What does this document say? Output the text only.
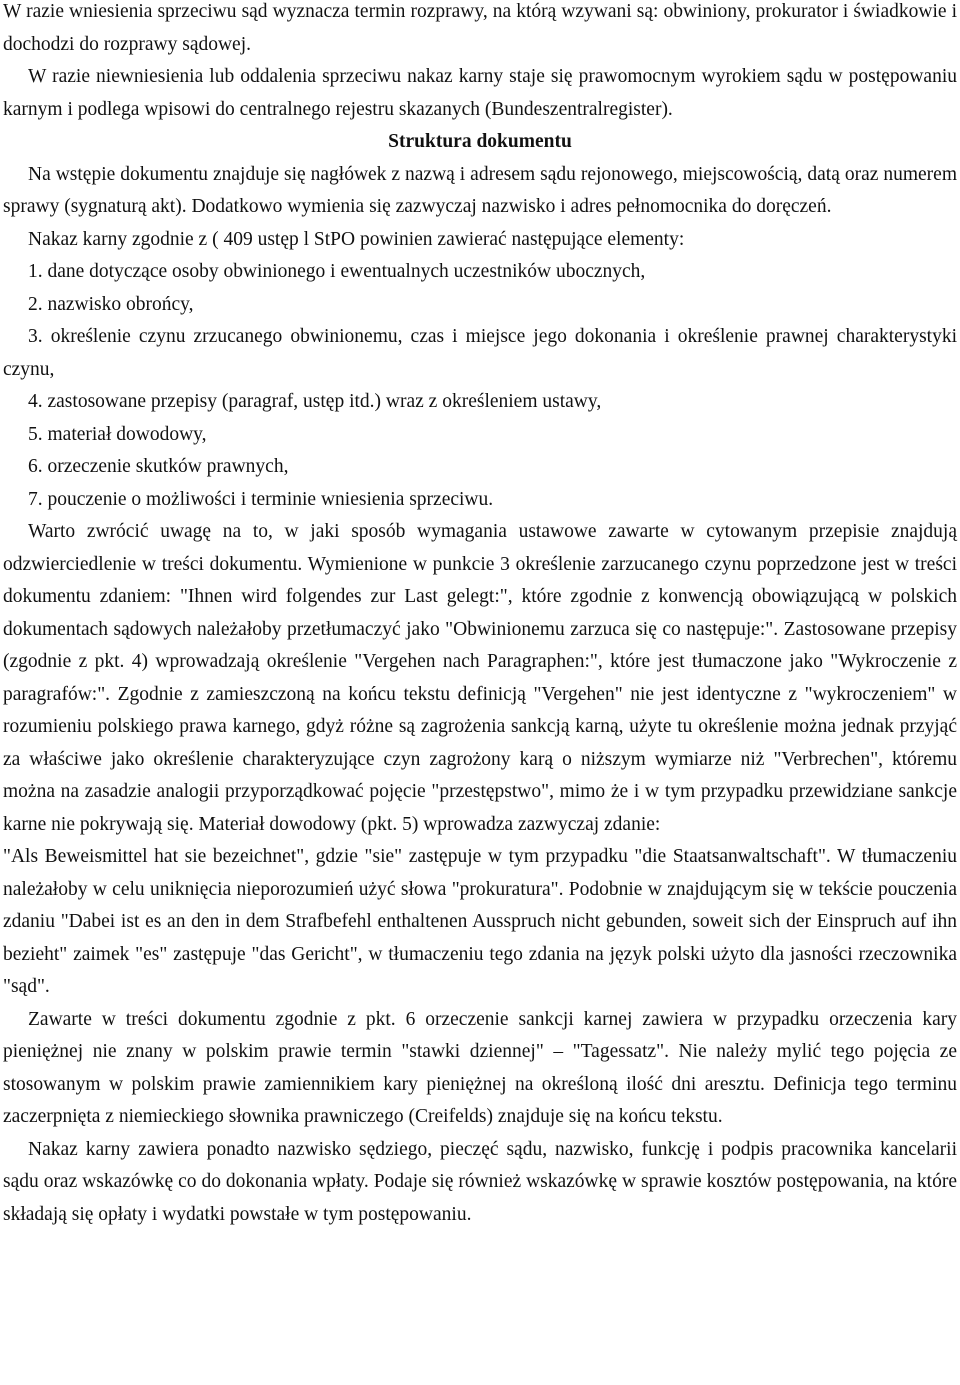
W razie wniesienia sprzeciwu sąd wyznacza termin rozprawy, na którą wzywani są: obwiniony, prokurator i świadkowie i dochodzi do rozprawy sądowej.

W razie niewniesienia lub oddalenia sprzeciwu nakaz karny staje się prawomocnym wyrokiem sądu w postępowaniu karnym i podlega wpisowi do centralnego rejestru skazanych (Bundeszentralregister).

Struktura dokumentu

Na wstępie dokumentu znajduje się nagłówek z nazwą i adresem sądu rejonowego, miejscowością, datą oraz numerem sprawy (sygnaturą akt). Dodatkowo wymienia się zazwyczaj nazwisko i adres pełnomocnika do doręczeń.

Nakaz karny zgodnie z ( 409 ustęp l StPO powinien zawierać następujące elementy:

1. dane dotyczące osoby obwinionego i ewentualnych uczestników ubocznych,

2. nazwisko obrońcy,

3. określenie czynu zrzucanego obwinionemu, czas i miejsce jego dokonania i określenie prawnej charakterystyki czynu,

4. zastosowane przepisy (paragraf, ustęp itd.) wraz z określeniem ustawy,

5. materiał dowodowy,

6. orzeczenie skutków prawnych,

7. pouczenie o możliwości i terminie wniesienia sprzeciwu.

Warto zwrócić uwagę na to, w jaki sposób wymagania ustawowe zawarte w cytowanym przepisie znajdują odzwierciedlenie w treści dokumentu. Wymienione w punkcie 3 określenie zarzucanego czynu poprzedzone jest w treści dokumentu zdaniem: "Ihnen wird folgendes zur Last gelegt:", które zgodnie z konwencją obowiązującą w polskich dokumentach sądowych należałoby przetłumaczyć jako "Obwinionemu zarzuca się co następuje:". Zastosowane przepisy (zgodnie z pkt. 4) wprowadzają określenie "Vergehen nach Paragraphen:", które jest tłumaczone jako "Wykroczenie z paragrafów:". Zgodnie z zamieszczoną na końcu tekstu definicją "Vergehen" nie jest identyczne z "wykroczeniem" w rozumieniu polskiego prawa karnego, gdyż różne są zagrożenia sankcją karną, użyte tu określenie można jednak przyjąć za właściwe jako określenie charakteryzujące czyn zagrożony karą o niższym wymiarze niż "Verbrechen", któremu można na zasadzie analogii przyporządkować pojęcie "przestępstwo", mimo że i w tym przypadku przewidziane sankcje karne nie pokrywają się. Materiał dowodowy (pkt. 5) wprowadza zazwyczaj zdanie:

"Als Beweismittel hat sie bezeichnet", gdzie "sie" zastępuje w tym przypadku "die Staatsanwaltschaft". W tłumaczeniu należałoby w celu uniknięcia nieporozumień użyć słowa "prokuratura". Podobnie w znajdującym się w tekście pouczenia zdaniu "Dabei ist es an den in dem Strafbefehl enthaltenen Ausspruch nicht gebunden, soweit sich der Einspruch auf ihn bezieht" zaimek "es" zastępuje "das Gericht", w tłumaczeniu tego zdania na język polski użyto dla jasności rzeczownika "sąd".

Zawarte w treści dokumentu zgodnie z pkt. 6 orzeczenie sankcji karnej zawiera w przypadku orzeczenia kary pieniężnej nie znany w polskim prawie termin "stawki dziennej" – "Tagessatz". Nie należy mylić tego pojęcia ze stosowanym w polskim prawie zamiennikiem kary pieniężnej na określoną ilość dni aresztu. Definicja tego terminu zaczerpnięta z niemieckiego słownika prawniczego (Creifelds) znajduje się na końcu tekstu.

Nakaz karny zawiera ponadto nazwisko sędziego, pieczęć sądu, nazwisko, funkcję i podpis pracownika kancelarii sądu oraz wskazówkę co do dokonania wpłaty. Podaje się również wskazówkę w sprawie kosztów postępowania, na które składają się opłaty i wydatki powstałe w tym postępowaniu.
